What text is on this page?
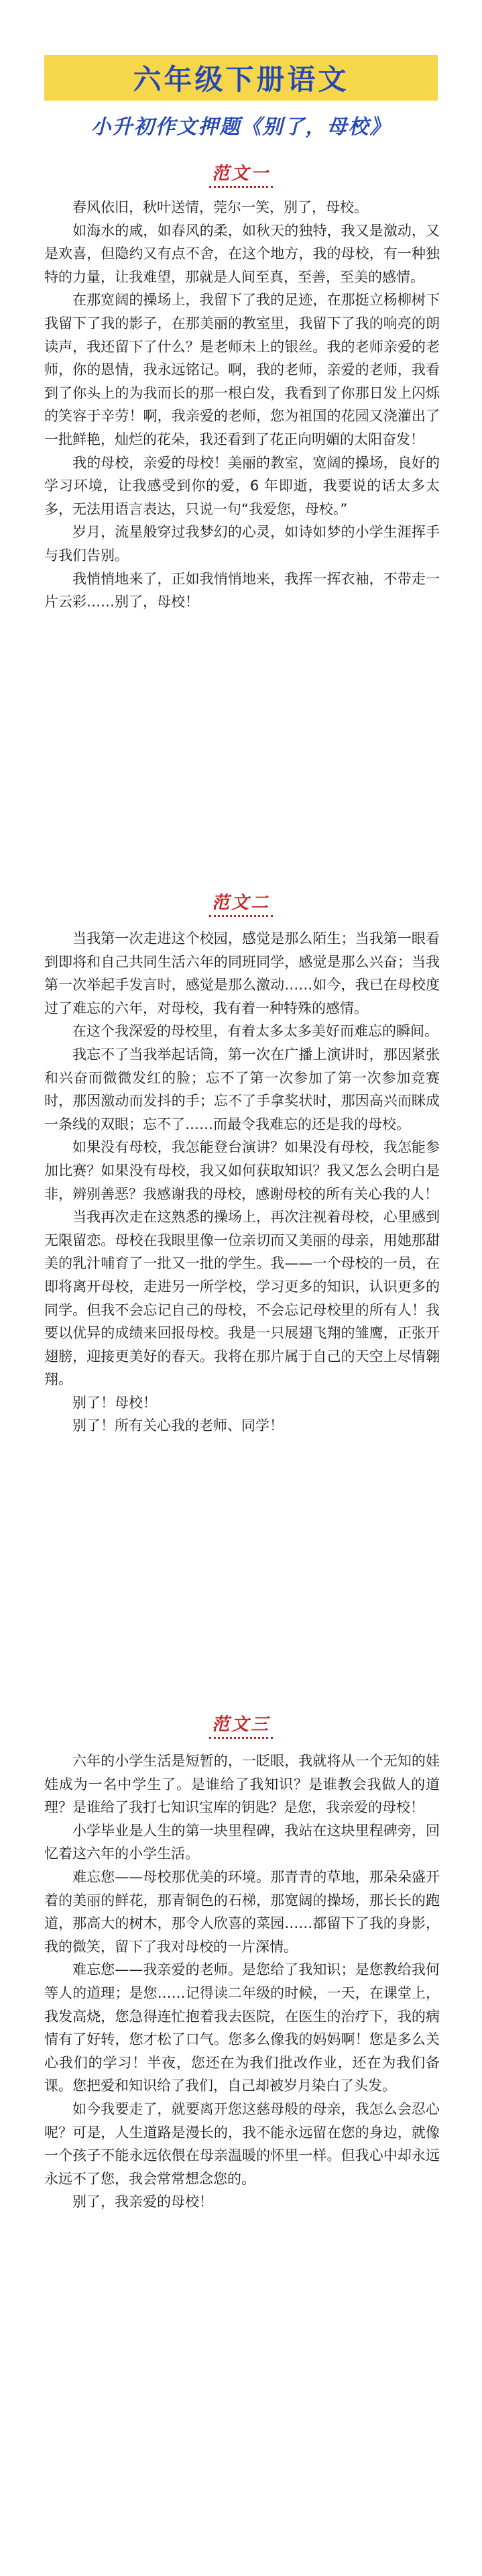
六年级下册语文
小升初作文押题《别了，母校》
范文一

春风依旧，秋叶送情，莞尔一笑，别了，母校。

如海水的咸，如春风的柔，如秋天的独特，我又是激动，又是欢喜，但隐约又有点不舍，在这个地方，我的母校，有一种独特的力量，让我难望，那就是人间至真，至善，至美的感情。

在那宽阔的操场上，我留下了我的足迹，在那挺立杨柳树下我留下了我的影子，在那美丽的教室里，我留下了我的响亮的朗读声，我还留下了什么？是老师未上的银丝。我的老师亲爱的老师，你的恩情，我永远铭记。啊，我的老师，亲爱的老师，我看到了你头上的为我而长的那一根白发，我看到了你那日发上闪烁的笑容于辛劳！啊，我亲爱的老师，您为祖国的花园又浇灌出了一批鲜艳，灿烂的花朵，我还看到了花正向明媚的太阳奋发！

我的母校，亲爱的母校！美丽的教室，宽阔的操场，良好的学习环境，让我感受到你的爱，6 年即逝，我要说的话太多太多，无法用语言表达，只说一句“我爱您，母校。”

岁月，流星般穿过我梦幻的心灵，如诗如梦的小学生涯挥手与我们告别。

我悄悄地来了，正如我悄悄地来，我挥一挥衣袖，不带走一片云彩……别了，母校！

范文二

当我第一次走进这个校园，感觉是那么陌生；当我第一眼看到即将和自己共同生活六年的同班同学，感觉是那么兴奋；当我第一次举起手发言时，感觉是那么激动……如今，我已在母校度过了难忘的六年，对母校，我有着一种特殊的感情。

在这个我深爱的母校里，有着太多太多美好而难忘的瞬间。

我忘不了当我举起话筒，第一次在广播上演讲时，那因紧张和兴奋而微微发红的脸；忘不了第一次参加了第一次参加竞赛时，那因激动而发抖的手；忘不了手拿奖状时，那因高兴而眯成一条线的双眼；忘不了……而最令我难忘的还是我的母校。

如果没有母校，我怎能登台演讲？如果没有母校，我怎能参加比赛？如果没有母校，我又如何获取知识？我又怎么会明白是非，辨别善恶？我感谢我的母校，感谢母校的所有关心我的人！

当我再次走在这熟悉的操场上，再次注视着母校，心里感到无限留恋。母校在我眼里像一位亲切而又美丽的母亲，用她那甜美的乳汁哺育了一批又一批的学生。我——一个母校的一员，在即将离开母校，走进另一所学校，学习更多的知识，认识更多的同学。但我不会忘记自己的母校，不会忘记母校里的所有人！我要以优异的成绩来回报母校。我是一只展翅飞翔的雏鹰，正张开翅膀，迎接更美好的春天。我将在那片属于自己的天空上尽情翱翔。

别了！母校！

别了！所有关心我的老师、同学！

范文三

六年的小学生活是短暂的，一眨眼，我就将从一个无知的娃娃成为一名中学生了。是谁给了我知识？是谁教会我做人的道理？是谁给了我打七知识宝库的钥匙？是您，我亲爱的母校！

小学毕业是人生的第一块里程碑，我站在这块里程碑旁，回忆着这六年的小学生活。

难忘您——母校那优美的环境。那青青的草地，那朵朵盛开着的美丽的鲜花，那青铜色的石梯，那宽阔的操场，那长长的跑道，那高大的树木，那令人欣喜的菜园……都留下了我的身影，我的微笑，留下了我对母校的一片深情。

难忘您——我亲爱的老师。是您给了我知识；是您教给我何等人的道理；是您……记得读二年级的时候，一天，在课堂上，我发高烧，您急得连忙抱着我去医院，在医生的治疗下，我的病情有了好转，您才松了口气。您多么像我的妈妈啊！您是多么关心我们的学习！半夜，您还在为我们批改作业，还在为我们备课。您把爱和知识给了我们，自己却被岁月染白了头发。

如今我要走了，就要离开您这慈母般的母亲，我怎么会忍心呢？可是，人生道路是漫长的，我不能永远留在您的身边，就像一个孩子不能永远依偎在母亲温暖的怀里一样。但我心中却永远永远不了您，我会常常想念您的。

别了，我亲爱的母校！
